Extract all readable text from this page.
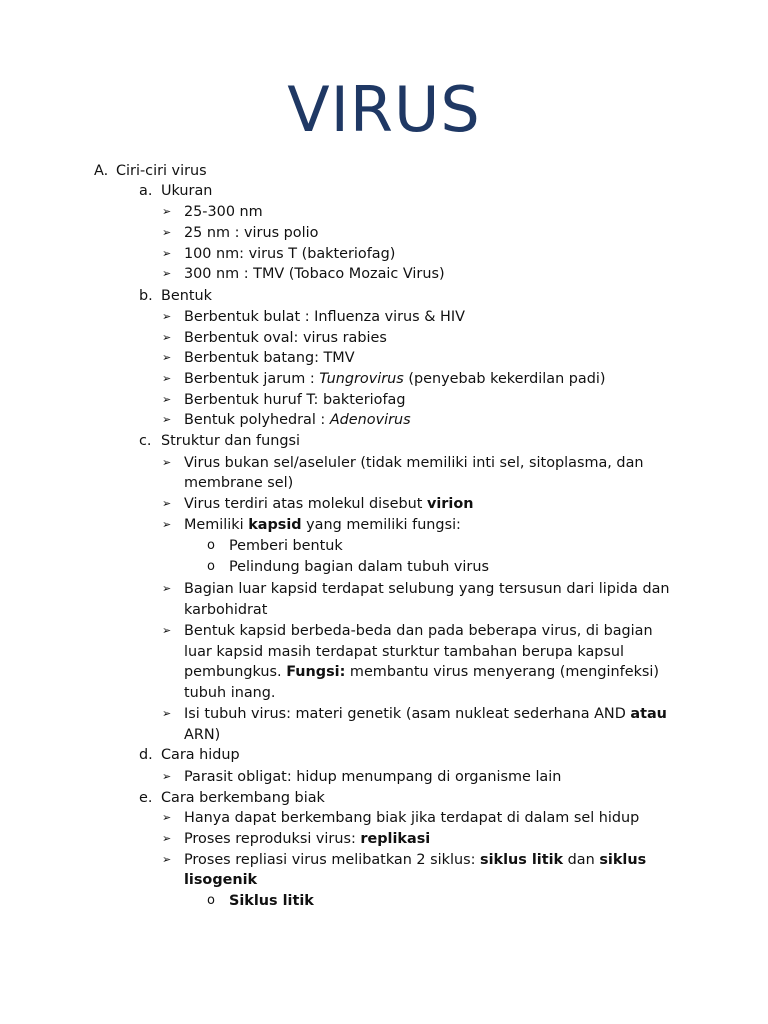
VIRUS
A. Ciri-ciri virus
a. Ukuran
➢ 25-300 nm
➢ 25 nm : virus polio
➢ 100 nm: virus T (bakteriofag)
➢ 300 nm : TMV (Tobaco Mozaic Virus)
b. Bentuk
➢ Berbentuk bulat : Influenza virus & HIV
➢ Berbentuk oval: virus rabies
➢ Berbentuk batang: TMV
➢ Berbentuk jarum : Tungrovirus (penyebab kekerdilan padi)
➢ Berbentuk huruf T: bakteriofag
➢ Bentuk polyhedral : Adenovirus
c. Struktur dan fungsi
➢ Virus bukan sel/aseluler (tidak memiliki inti sel, sitoplasma, dan
membrane sel)
➢ Virus terdiri atas molekul disebut virion
➢ Memiliki kapsid yang memiliki fungsi:
o Pemberi bentuk
o Pelindung bagian dalam tubuh virus
➢ Bagian luar kapsid terdapat selubung yang tersusun dari lipida dan
karbohidrat
➢ Bentuk kapsid berbeda-beda dan pada beberapa virus, di bagian
luar kapsid masih terdapat sturktur tambahan berupa kapsul
pembungkus. Fungsi: membantu virus menyerang (menginfeksi)
tubuh inang.
➢ Isi tubuh virus: materi genetik (asam nukleat sederhana AND atau
ARN)
d. Cara hidup
➢ Parasit obligat: hidup menumpang di organisme lain
e. Cara berkembang biak
➢ Hanya dapat berkembang biak jika terdapat di dalam sel hidup
➢ Proses reproduksi virus: replikasi
➢ Proses repliasi virus melibatkan 2 siklus: siklus litik dan siklus
lisogenik
o Siklus litik
